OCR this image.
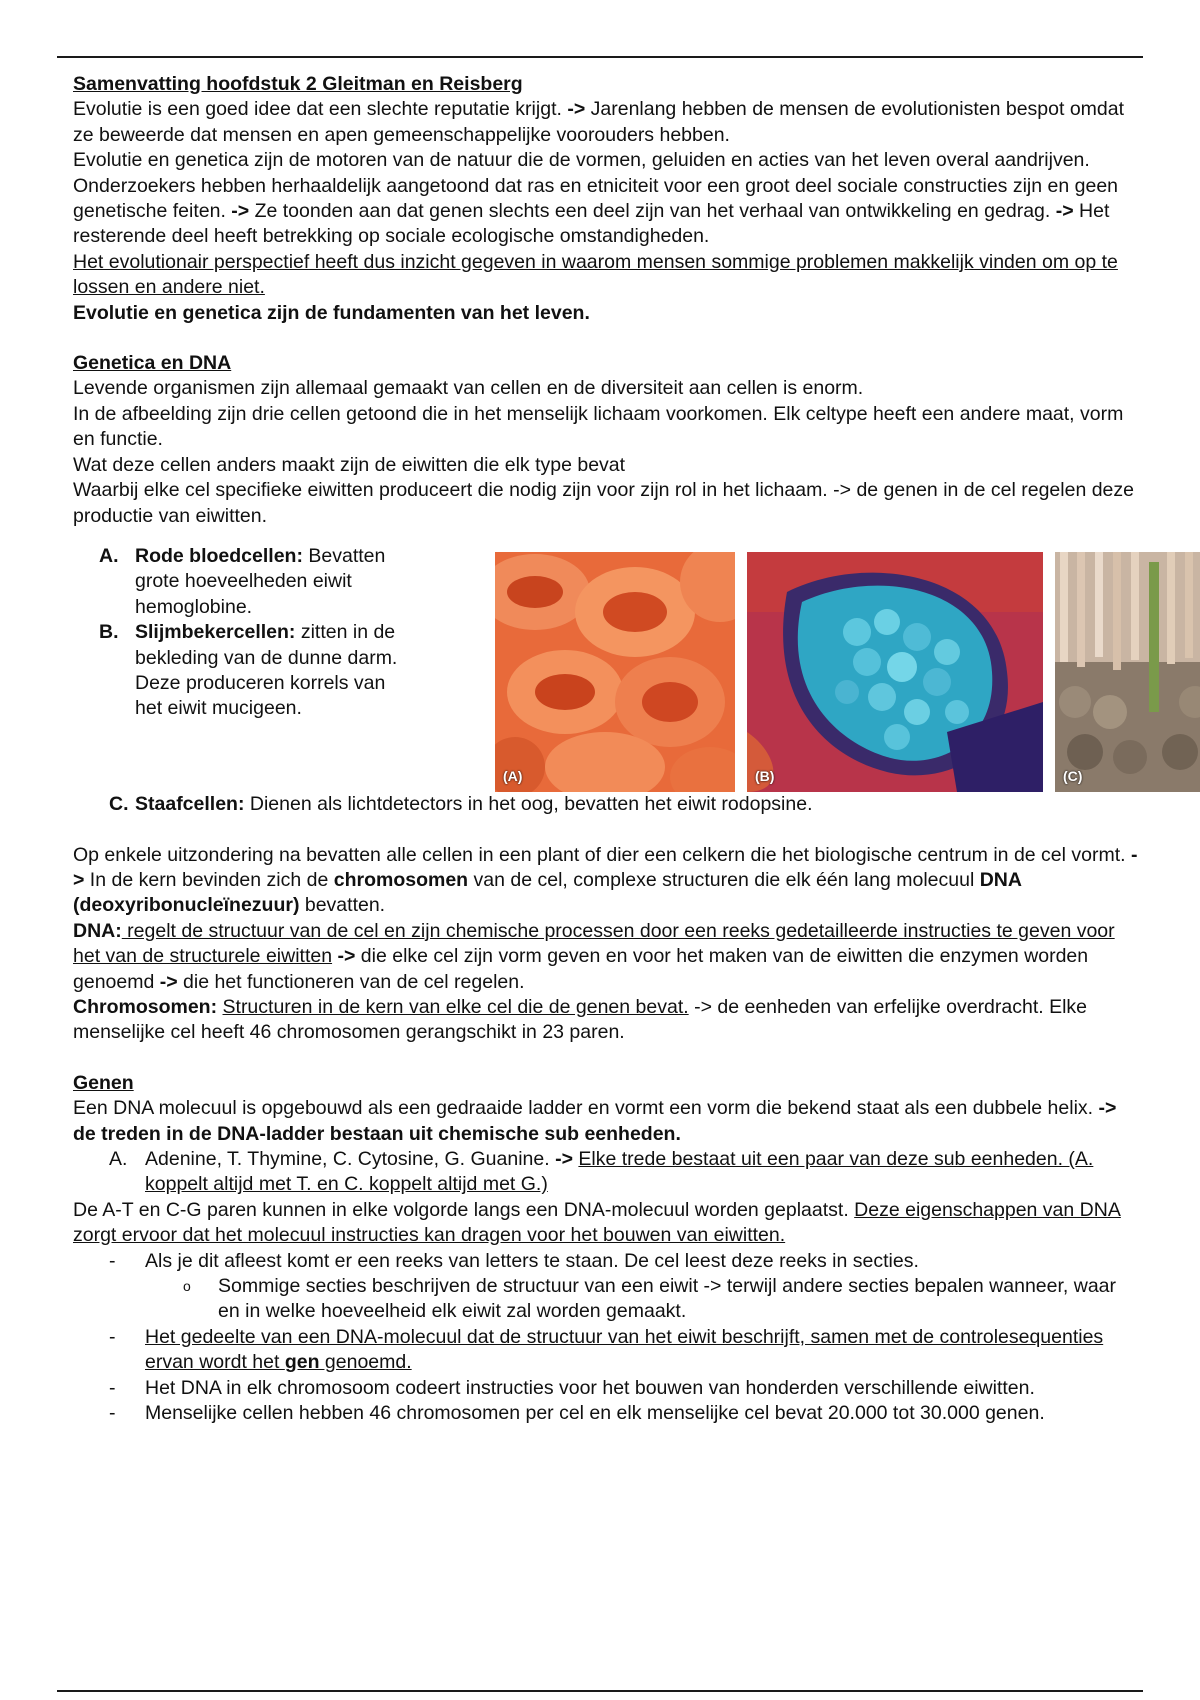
Samenvatting hoofdstuk 2 Gleitman en Reisberg

Evolutie is een goed idee dat een slechte reputatie krijgt. -> Jarenlang hebben de mensen de evolutionisten bespot omdat ze beweerde dat mensen en apen gemeenschappelijke voorouders hebben.

Evolutie en genetica zijn de motoren van de natuur die de vormen, geluiden en acties van het leven overal aandrijven.

Onderzoekers hebben herhaaldelijk aangetoond dat ras en etniciteit voor een groot deel sociale constructies zijn en geen genetische feiten. -> Ze toonden aan dat genen slechts een deel zijn van het verhaal van ontwikkeling en gedrag. -> Het resterende deel heeft betrekking op sociale ecologische omstandigheden.

Het evolutionair perspectief heeft dus inzicht gegeven in waarom mensen sommige problemen makkelijk vinden om op te lossen en andere niet.

Evolutie en genetica zijn de fundamenten van het leven.

Genetica en DNA

Levende organismen zijn allemaal gemaakt van cellen en de diversiteit aan cellen is enorm.

In de afbeelding zijn drie cellen getoond die in het menselijk lichaam voorkomen. Elk celtype heeft een andere maat, vorm en functie.

Wat deze cellen anders maakt zijn de eiwitten die elk type bevat

Waarbij elke cel specifieke eiwitten produceert die nodig zijn voor zijn rol in het lichaam. -> de genen in de cel regelen deze productie van eiwitten.

A. Rode bloedcellen: Bevatten grote hoeveelheden eiwit hemoglobine.
B. Slijmbekercellen: zitten in de bekleding van de dunne darm. Deze produceren korrels van het eiwit mucigeen.
(A)	(B)	(C)

C. Staafcellen: Dienen als lichtdetectors in het oog, bevatten het eiwit rodopsine.

Op enkele uitzondering na bevatten alle cellen in een plant of dier een celkern die het biologische centrum in de cel vormt. -> In de kern bevinden zich de chromosomen van de cel, complexe structuren die elk één lang molecuul DNA (deoxyribonucleïnezuur) bevatten.

DNA: regelt de structuur van de cel en zijn chemische processen door een reeks gedetailleerde instructies te geven voor het van de structurele eiwitten -> die elke cel zijn vorm geven en voor het maken van de eiwitten die enzymen worden genoemd -> die het functioneren van de cel regelen.

Chromosomen: Structuren in de kern van elke cel die de genen bevat. -> de eenheden van erfelijke overdracht. Elke menselijke cel heeft 46 chromosomen gerangschikt in 23 paren.

Genen

Een DNA molecuul is opgebouwd als een gedraaide ladder en vormt een vorm die bekend staat als een dubbele helix. -> de treden in de DNA-ladder bestaan uit chemische sub eenheden.

A. Adenine, T. Thymine, C. Cytosine, G. Guanine. -> Elke trede bestaat uit een paar van deze sub eenheden. (A. koppelt altijd met T. en C. koppelt altijd met G.)

De A-T en C-G paren kunnen in elke volgorde langs een DNA-molecuul worden geplaatst. Deze eigenschappen van DNA zorgt ervoor dat het molecuul instructies kan dragen voor het bouwen van eiwitten.

- Als je dit afleest komt er een reeks van letters te staan. De cel leest deze reeks in secties.

o Sommige secties beschrijven de structuur van een eiwit -> terwijl andere secties bepalen wanneer, waar en in welke hoeveelheid elk eiwit zal worden gemaakt.

- Het gedeelte van een DNA-molecuul dat de structuur van het eiwit beschrijft, samen met de controlesequenties ervan wordt het gen genoemd.

- Het DNA in elk chromosoom codeert instructies voor het bouwen van honderden verschillende eiwitten.

- Menselijke cellen hebben 46 chromosomen per cel en elk menselijke cel bevat 20.000 tot 30.000 genen.
